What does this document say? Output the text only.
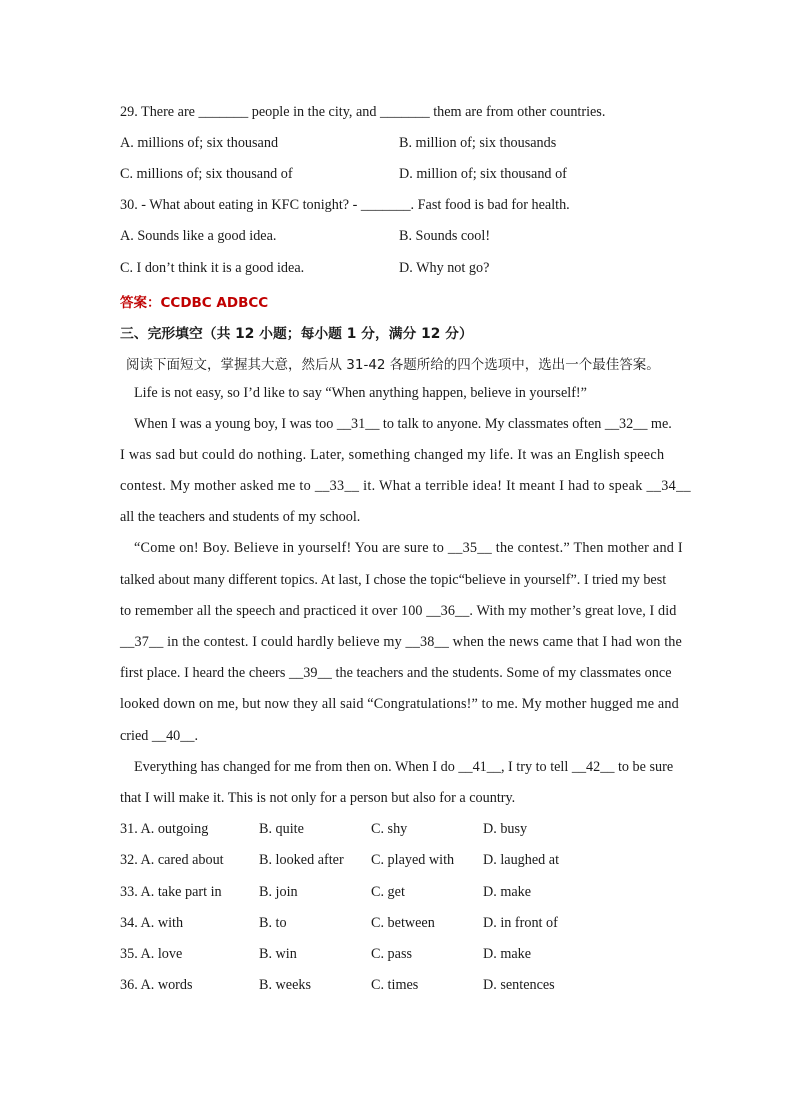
29. There are _______ people in the city, and _______ them are from other countries.
A. millions of; six thousand	B. million of; six thousands
C. millions of; six thousand of	D. million of; six thousand of
30. - What about eating in KFC tonight? - _______. Fast food is bad for health.
A. Sounds like a good idea.	B. Sounds cool!
C. I don’t think it is a good idea.	D. Why not go?
答案：CCDBC ADBCC
三、完形填空（共 12 小题；每小题 1 分，满分 12 分）
阅读下面短文，掌握其大意，然后从 31-42 各题所给的四个选项中，选出一个最佳答案。
Life is not easy, so I’d like to say “When anything happen, believe in yourself!”
When I was a young boy, I was too __31__ to talk to anyone. My classmates often __32__ me.
I was sad but could do nothing. Later, something changed my life. It was an English speech
contest. My mother asked me to __33__ it. What a terrible idea! It meant I had to speak __34__
all the teachers and students of my school.
“Come on! Boy. Believe in yourself! You are sure to __35__ the contest.” Then mother and I
talked about many different topics. At last, I chose the topic“believe in yourself”. I tried my best
to remember all the speech and practiced it over 100 __36__. With my mother’s great love, I did
__37__ in the contest. I could hardly believe my __38__ when the news came that I had won the
first place. I heard the cheers __39__ the teachers and the students. Some of my classmates once
looked down on me, but now they all said “Congratulations!” to me. My mother hugged me and
cried __40__.
Everything has changed for me from then on. When I do __41__, I try to tell __42__ to be sure
that I will make it. This is not only for a person but also for a country.
31. A. outgoing	B. quite	C. shy	D. busy
32. A. cared about B. looked after C. played with D. laughed at
33. A. take part in	B. join	C. get	D. make
34. A. with	B. to	C. between	D. in front of
35. A. love	B. win	C. pass	D. make
36. A. words	B. weeks	C. times	D. sentences
